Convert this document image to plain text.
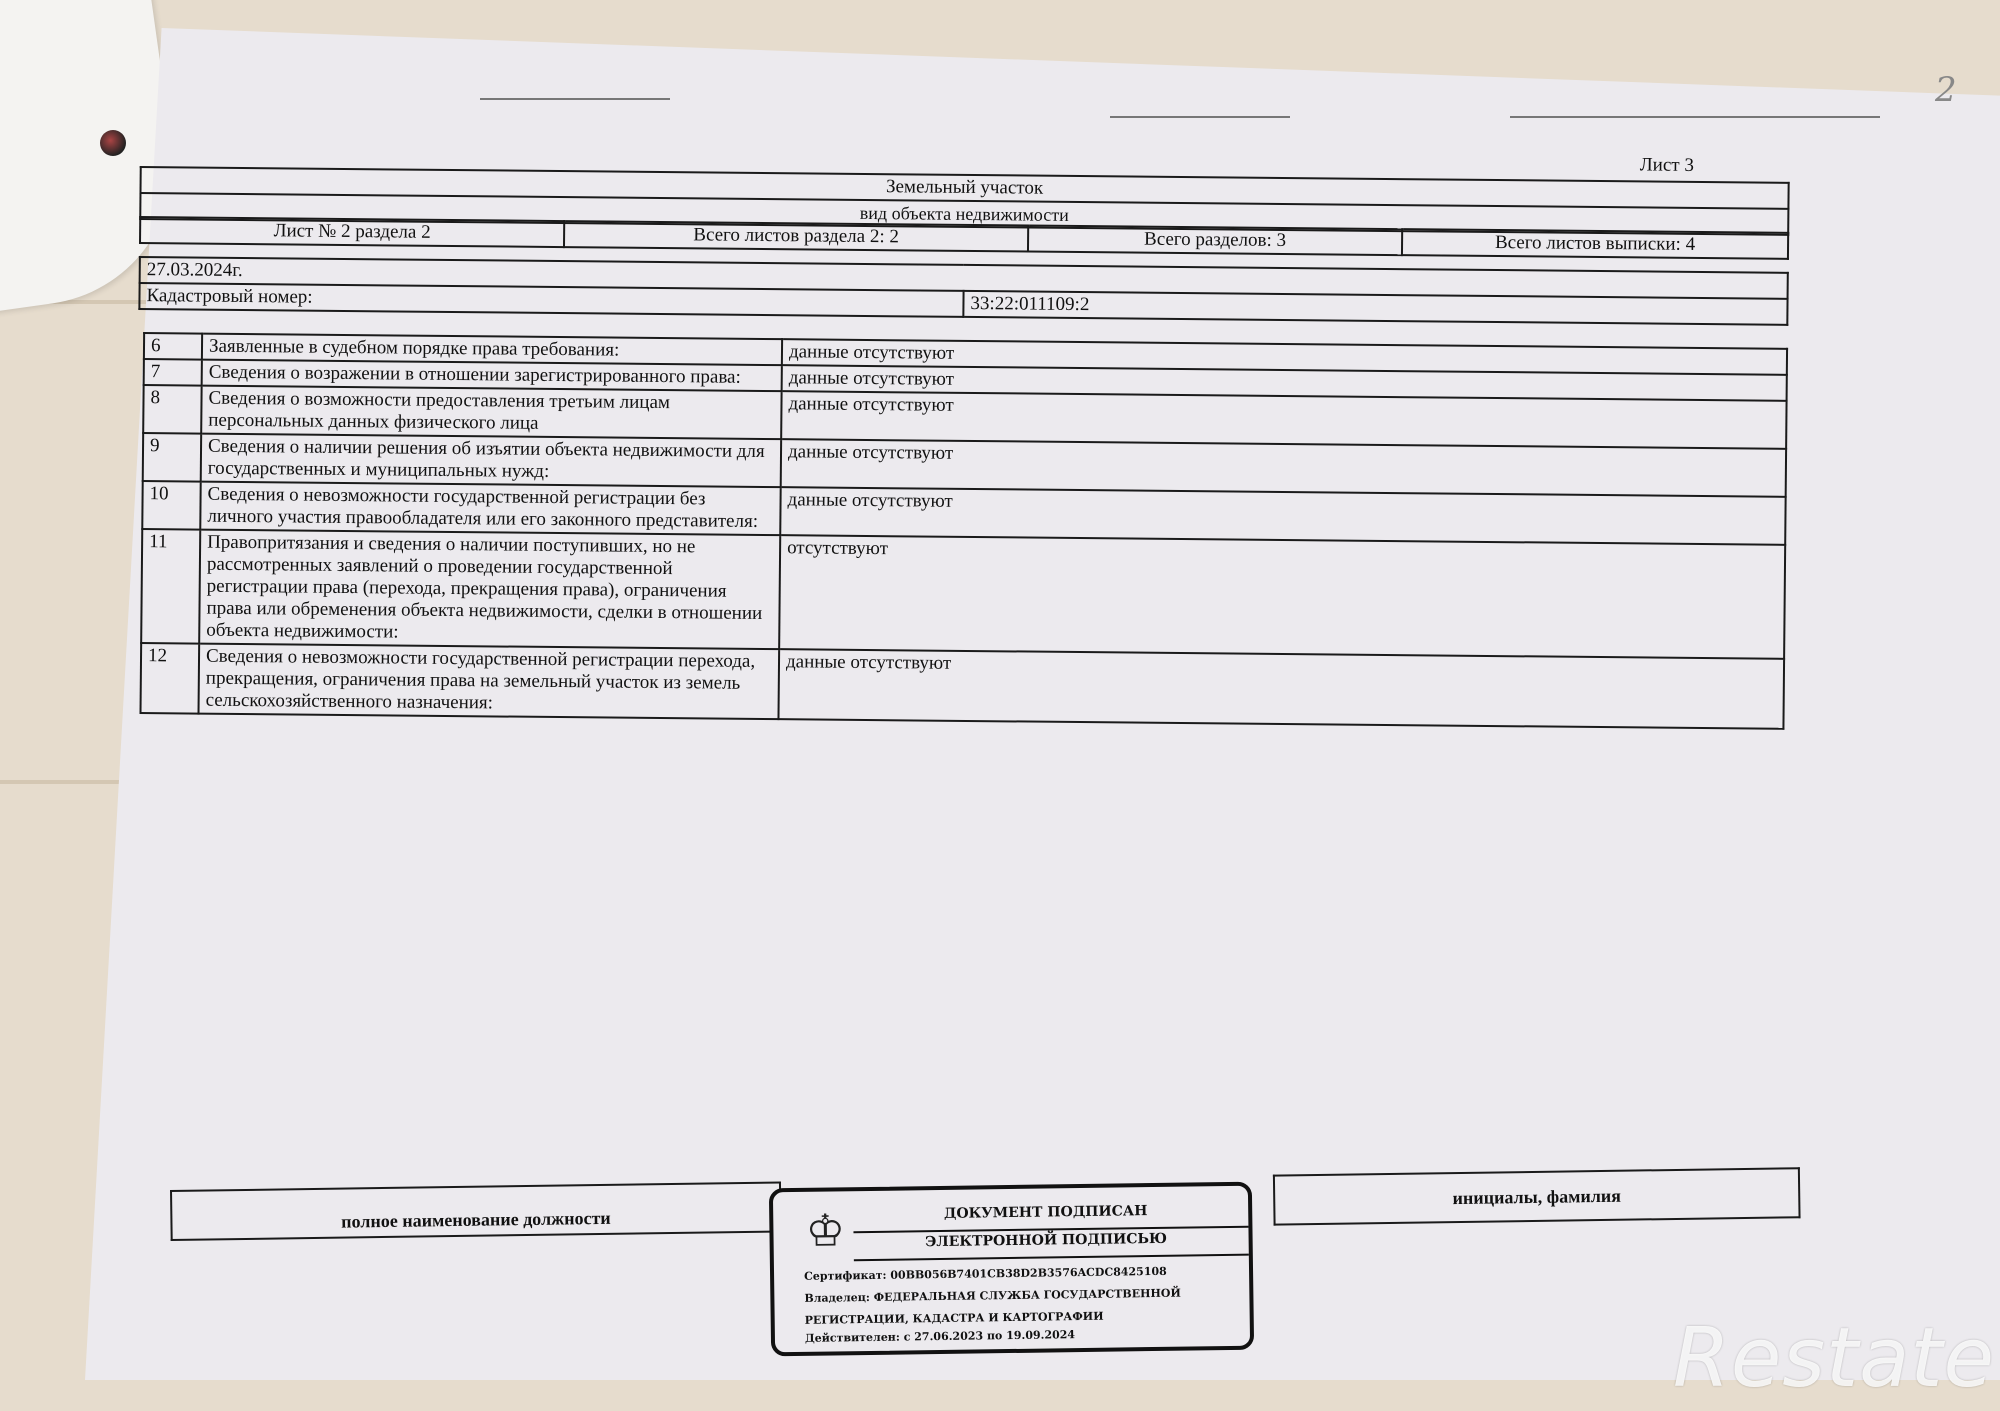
2
Лист 3
Земельный участок
вид объекта недвижимости
Лист № 2 раздела 2	Всего листов раздела 2: 2	Всего разделов: 3	Всего листов выписки: 4
27.03.2024г.
Кадастровый номер:	33:22:011109:2
6	Заявленные в судебном порядке права требования:	данные отсутствуют
7	Сведения о возражении в отношении зарегистрированного права:	данные отсутствуют
8	Сведения о возможности предоставления третьим лицам персональных данных физического лица	данные отсутствуют
9	Сведения о наличии решения об изъятии объекта недвижимости для государственных и муниципальных нужд:	данные отсутствуют
10	Сведения о невозможности государственной регистрации без личного участия правообладателя или его законного представителя:	данные отсутствуют
11	Правопритязания и сведения о наличии поступивших, но не рассмотренных заявлений о проведении государственной регистрации права (перехода, прекращения права), ограничения права или обременения объекта недвижимости, сделки в отношении объекта недвижимости:	отсутствуют
12	Сведения о невозможности государственной регистрации перехода, прекращения, ограничения права на земельный участок из земель сельскохозяйственного назначения:	данные отсутствуют
полное наименование должности		инициалы, фамилия
♔	ДОКУМЕНТ ПОДПИСАН
ЭЛЕКТРОННОЙ ПОДПИСЬЮ
Сертификат: 00BB056B7401CB38D2B3576ACDC8425108
Владелец: ФЕДЕРАЛЬНАЯ СЛУЖБА ГОСУДАРСТВЕННОЙ
РЕГИСТРАЦИИ, КАДАСТРА И КАРТОГРАФИИ
Действителен: с 27.06.2023 по 19.09.2024	Restate
